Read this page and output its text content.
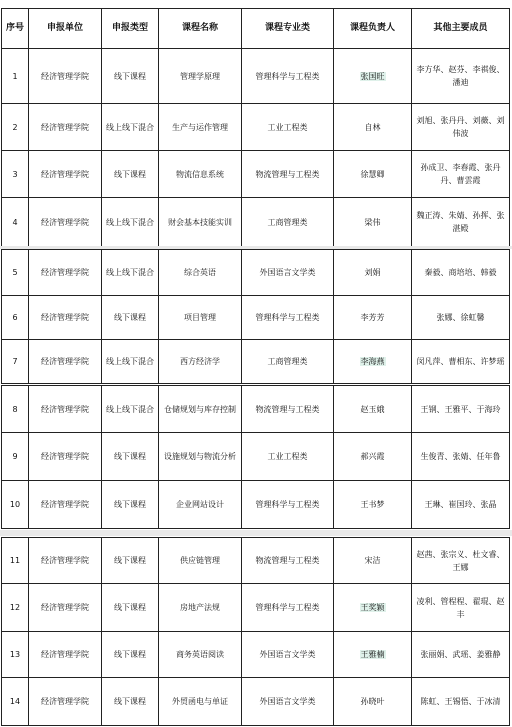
序号	申报单位	申报类型	课程名称	课程专业类	课程负责人	其他主要成员
1	经济管理学院	线下课程	管理学原理	管理科学与工程类	张国旺	李方华、赵芬、李祺俊、潘迪
2	经济管理学院	线上线下混合	生产与运作管理	工业工程类	自林	刘旭、张丹丹、刘薇、刘伟波
3	经济管理学院	线下课程	物流信息系统	物流管理与工程类	徐慧卿	孙成卫、李春霞、张丹丹、曹雲霞
4	经济管理学院	线上线下混合	财会基本技能实训	工商管理类	梁伟	魏正涛、朱婧、孙挥、张湛殿
5	经济管理学院	线上线下混合	综合英语	外国语言文学类	刘娟	秦毅、商培培、韩毅
6	经济管理学院	线下课程	项目管理	管理科学与工程类	李芳芳	张娜、徐虹馨
7	经济管理学院	线上线下混合	西方经济学	工商管理类	李海燕	闵凡萍、曹相东、许梦瑶
8	经济管理学院	线上线下混合	仓储规划与库存控制	物流管理与工程类	赵玉娥	王钢、王雅平、于海玲
9	经济管理学院	线下课程	设施规划与物流分析	工业工程类	郝兴霞	生俊青、张婧、任年鲁
10	经济管理学院	线下课程	企业网站设计	管理科学与工程类	王书梦	王琳、崔国玲、张晶
11	经济管理学院	线下课程	供应链管理	物流管理与工程类	宋洁	赵茜、张宗义、杜文睿、王娜
12	经济管理学院	线下课程	房地产法规	管理科学与工程类	王奖颖	凌利、管程程、翟琨、赵丰
13	经济管理学院	线下课程	商务英语阅读	外国语言文学类	王雅楠	张丽娟、武瑶、姜雅静
14	经济管理学院	线下课程	外贸函电与单证	外国语言文学类	孙晓叶	陈虹、王锡悟、于冰清
